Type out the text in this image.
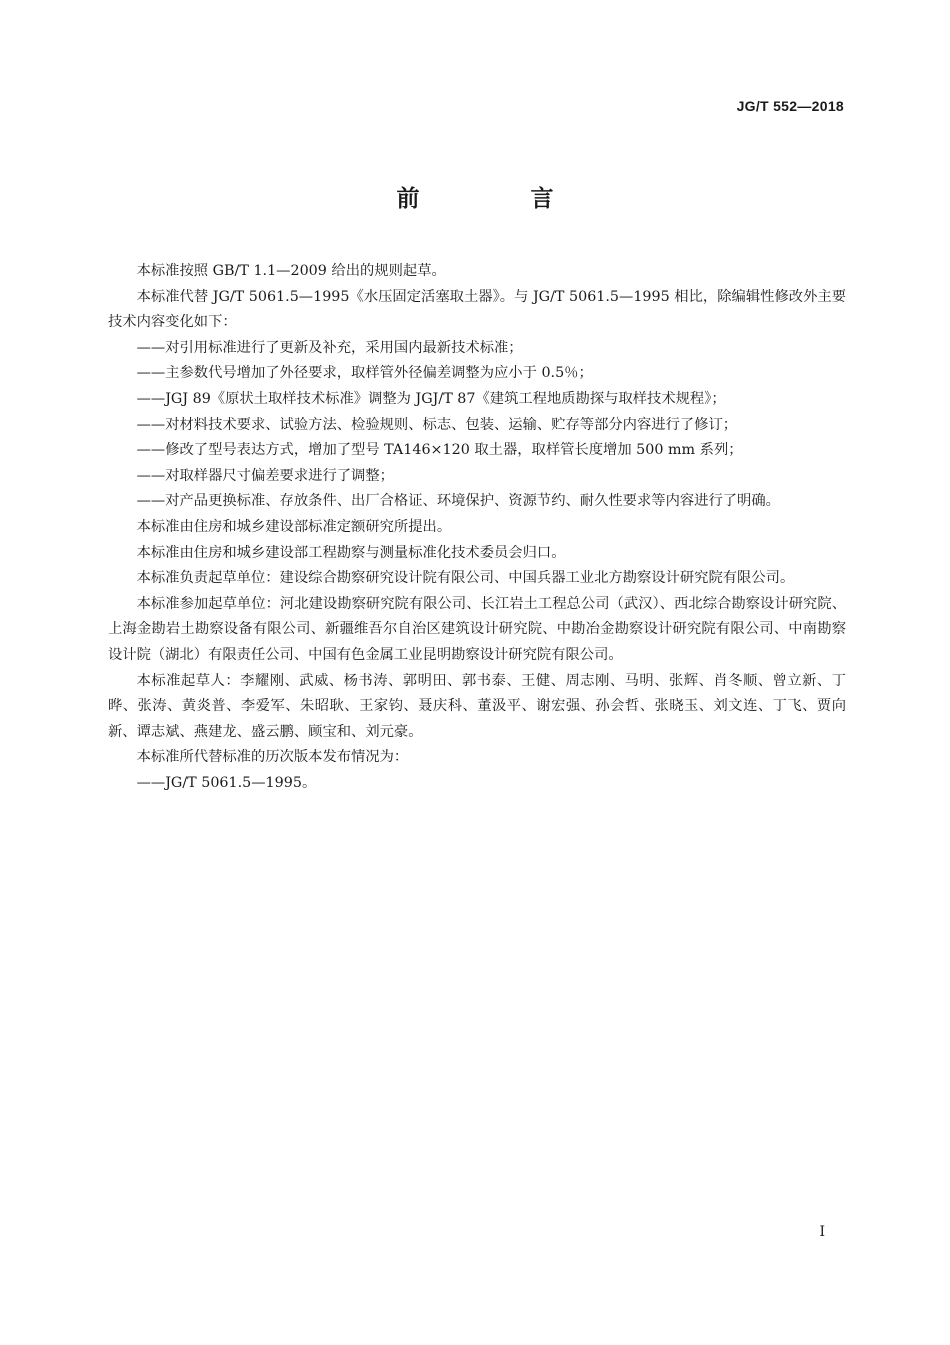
JG/T 552—2018
前　言

本标准按照 GB/T 1.1—2009 给出的规则起草。

本标准代替 JG/T 5061.5—1995《水压固定活塞取土器》。与 JG/T 5061.5—1995 相比，除编辑性修改外主要技术内容变化如下：

——对引用标准进行了更新及补充，采用国内最新技术标准；

——主参数代号增加了外径要求，取样管外径偏差调整为应小于 0.5％；

——JGJ 89《原状土取样技术标准》调整为 JGJ/T 87《建筑工程地质勘探与取样技术规程》；

——对材料技术要求、试验方法、检验规则、标志、包装、运输、贮存等部分内容进行了修订；

——修改了型号表达方式，增加了型号 TA146×120 取土器，取样管长度增加 500 mm 系列；

——对取样器尺寸偏差要求进行了调整；

——对产品更换标准、存放条件、出厂合格证、环境保护、资源节约、耐久性要求等内容进行了明确。

本标准由住房和城乡建设部标准定额研究所提出。

本标准由住房和城乡建设部工程勘察与测量标准化技术委员会归口。

本标准负责起草单位：建设综合勘察研究设计院有限公司、中国兵器工业北方勘察设计研究院有限公司。

本标准参加起草单位：河北建设勘察研究院有限公司、长江岩土工程总公司（武汉）、西北综合勘察设计研究院、上海金勘岩土勘察设备有限公司、新疆维吾尔自治区建筑设计研究院、中勘冶金勘察设计研究院有限公司、中南勘察设计院（湖北）有限责任公司、中国有色金属工业昆明勘察设计研究院有限公司。

本标准起草人：李耀刚、武威、杨书涛、郭明田、郭书泰、王健、周志刚、马明、张辉、肖冬顺、曾立新、丁晔、张涛、黄炎普、李爱军、朱昭耿、王家钧、聂庆科、董汲平、谢宏强、孙会哲、张晓玉、刘文连、丁飞、贾向新、谭志斌、燕建龙、盛云鹏、顾宝和、刘元豪。

本标准所代替标准的历次版本发布情况为：

——JG/T 5061.5—1995。

I
